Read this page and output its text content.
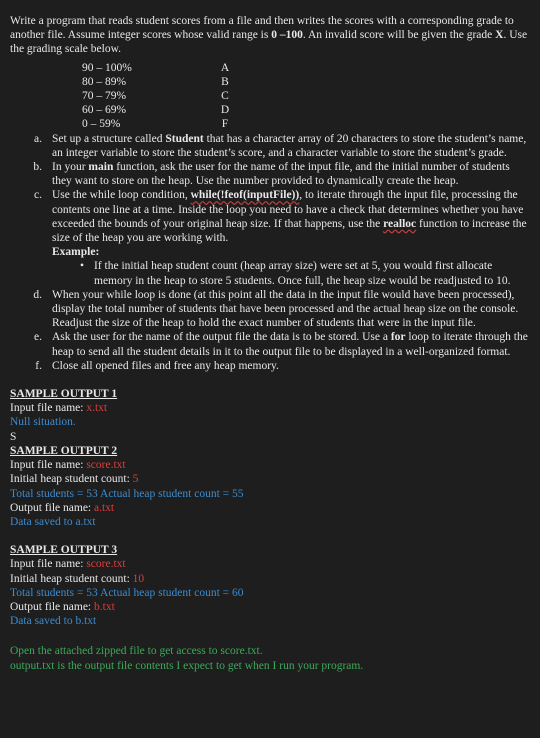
Write a program that reads student scores from a file and then writes the scores with a corresponding grade to another file. Assume integer scores whose valid range is 0 –100. An invalid score will be given the grade X. Use the grading scale below.

90 – 100%	A
80 – 89%	B
70 – 79%	C
60 – 69%	D
0 – 59%	F
a. Set up a structure called Student that has a character array of 20 characters to store the student’s name, an integer variable to store the student’s score, and a character variable to store the student’s grade.
b. In your main function, ask the user for the name of the input file, and the initial number of students they want to store on the heap. Use the number provided to dynamically create the heap.
c. Use the while loop condition, while(!feof(inputFile)), to iterate through the input file, processing the contents one line at a time. Inside the loop you need to have a check that determines whether you have exceeded the bounds of your original heap size. If that happens, use the realloc function to increase the size of the heap you are working with.
Example:
• If the initial heap student count (heap array size) were set at 5, you would first allocate memory in the heap to store 5 students. Once full, the heap size would be readjusted to 10.
d. When your while loop is done (at this point all the data in the input file would have been processed), display the total number of students that have been processed and the actual heap size on the console. Readjust the size of the heap to hold the exact number of students that were in the input file.
e. Ask the user for the name of the output file the data is to be stored. Use a for loop to iterate through the heap to send all the student details in it to the output file to be displayed in a well-organized format.
f. Close all opened files and free any heap memory.

SAMPLE OUTPUT 1

Input file name: x.txt

Null situation.

S

SAMPLE OUTPUT 2

Input file name: score.txt

Initial heap student count: 5

Total students = 53 Actual heap student count = 55

Output file name: a.txt

Data saved to a.txt

SAMPLE OUTPUT 3

Input file name: score.txt

Initial heap student count: 10

Total students = 53 Actual heap student count = 60

Output file name: b.txt

Data saved to b.txt

Open the attached zipped file to get access to score.txt.

output.txt is the output file contents I expect to get when I run your program.
